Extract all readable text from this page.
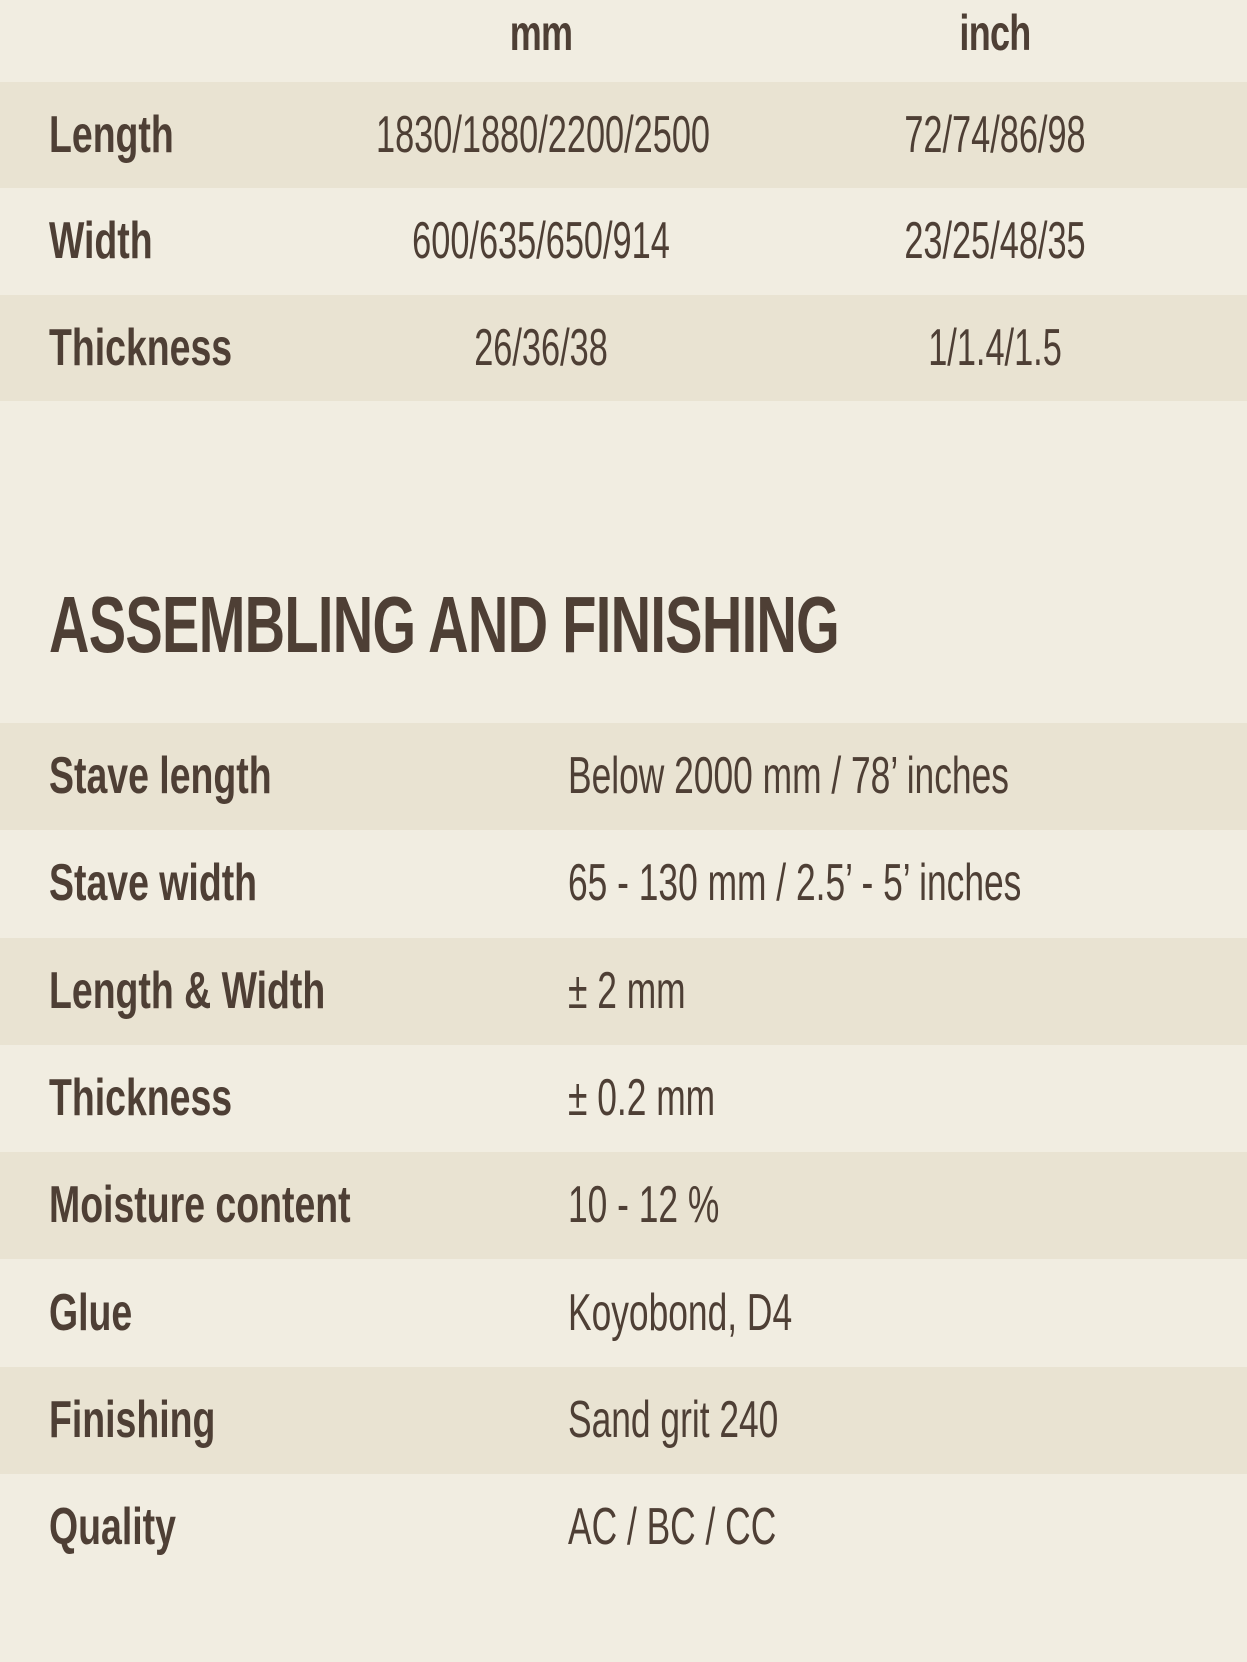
mm	inch
Length	1830/1880/2200/2500	72/74/86/98
Width	600/635/650/914	23/25/48/35
Thickness	26/36/38	1/1.4/1.5
ASSEMBLING AND FINISHING
Stave length	Below 2000 mm / 78’ inches
Stave width	65 - 130 mm / 2.5’ - 5’ inches
Length & Width	± 2 mm
Thickness	± 0.2 mm
Moisture content	10 - 12 %
Glue	Koyobond, D4
Finishing	Sand grit 240
Quality	AC / BC / CC
